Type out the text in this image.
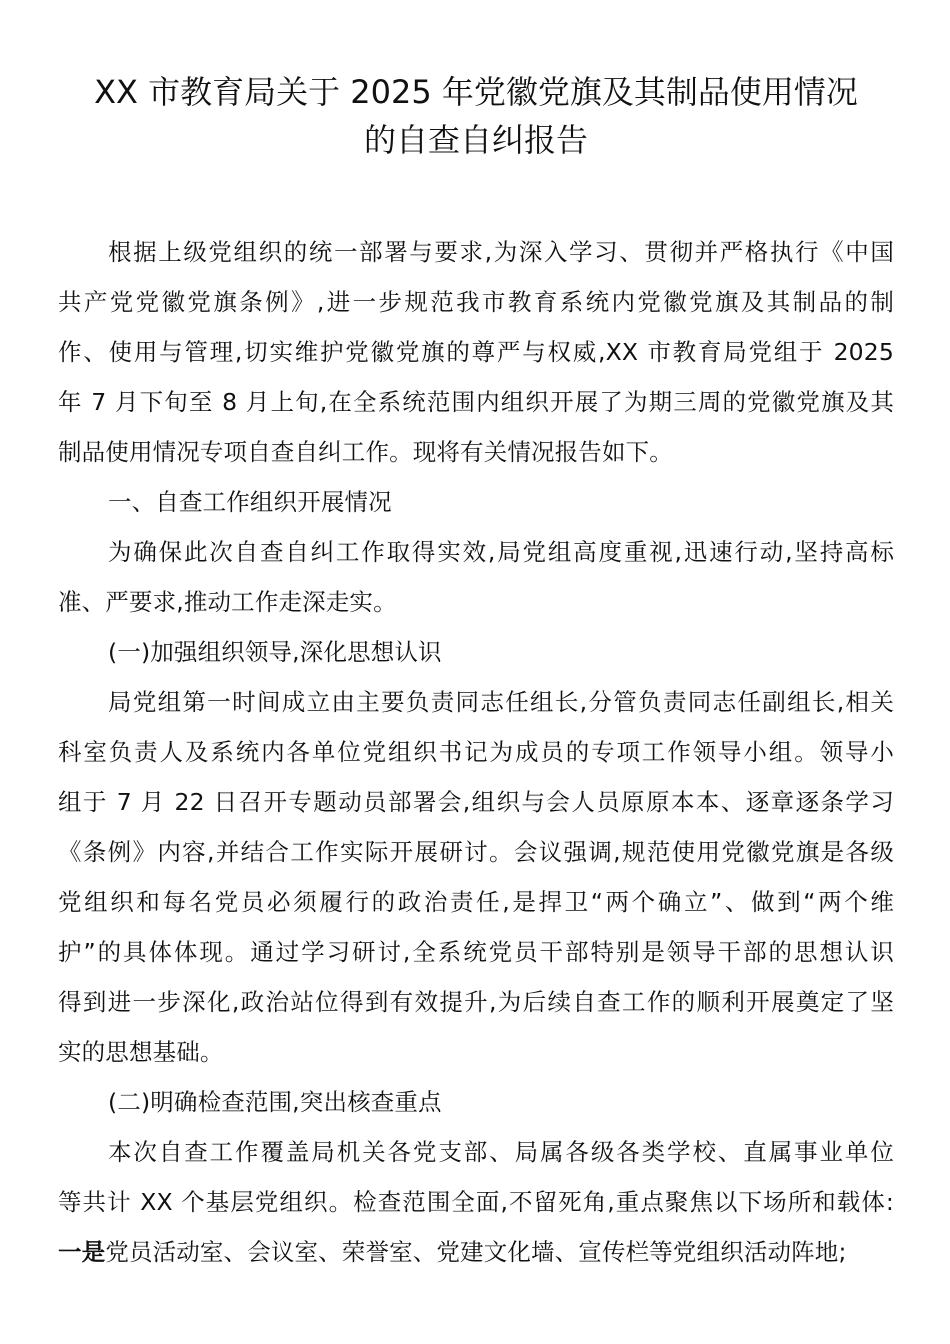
XX 市教育局关于 2025 年党徽党旗及其制品使用情况
的自查自纠报告
根据上级党组织的统一部署与要求,为深入学习、贯彻并严格执行《中国
共产党党徽党旗条例》,进一步规范我市教育系统内党徽党旗及其制品的制
作、使用与管理,切实维护党徽党旗的尊严与权威,XX 市教育局党组于 2025
年 7 月下旬至 8 月上旬,在全系统范围内组织开展了为期三周的党徽党旗及其
制品使用情况专项自查自纠工作。现将有关情况报告如下。
一、自查工作组织开展情况
为确保此次自查自纠工作取得实效,局党组高度重视,迅速行动,坚持高标
准、严要求,推动工作走深走实。
(一)加强组织领导,深化思想认识
局党组第一时间成立由主要负责同志任组长,分管负责同志任副组长,相关
科室负责人及系统内各单位党组织书记为成员的专项工作领导小组。领导小
组于 7 月 22 日召开专题动员部署会,组织与会人员原原本本、逐章逐条学习
《条例》内容,并结合工作实际开展研讨。会议强调,规范使用党徽党旗是各级
党组织和每名党员必须履行的政治责任,是捍卫“两个确立”、做到“两个维
护”的具体体现。通过学习研讨,全系统党员干部特别是领导干部的思想认识
得到进一步深化,政治站位得到有效提升,为后续自查工作的顺利开展奠定了坚
实的思想基础。
(二)明确检查范围,突出核查重点
本次自查工作覆盖局机关各党支部、局属各级各类学校、直属事业单位
等共计 XX 个基层党组织。检查范围全面,不留死角,重点聚焦以下场所和载体:
一是党员活动室、会议室、荣誉室、党建文化墙、宣传栏等党组织活动阵地;
